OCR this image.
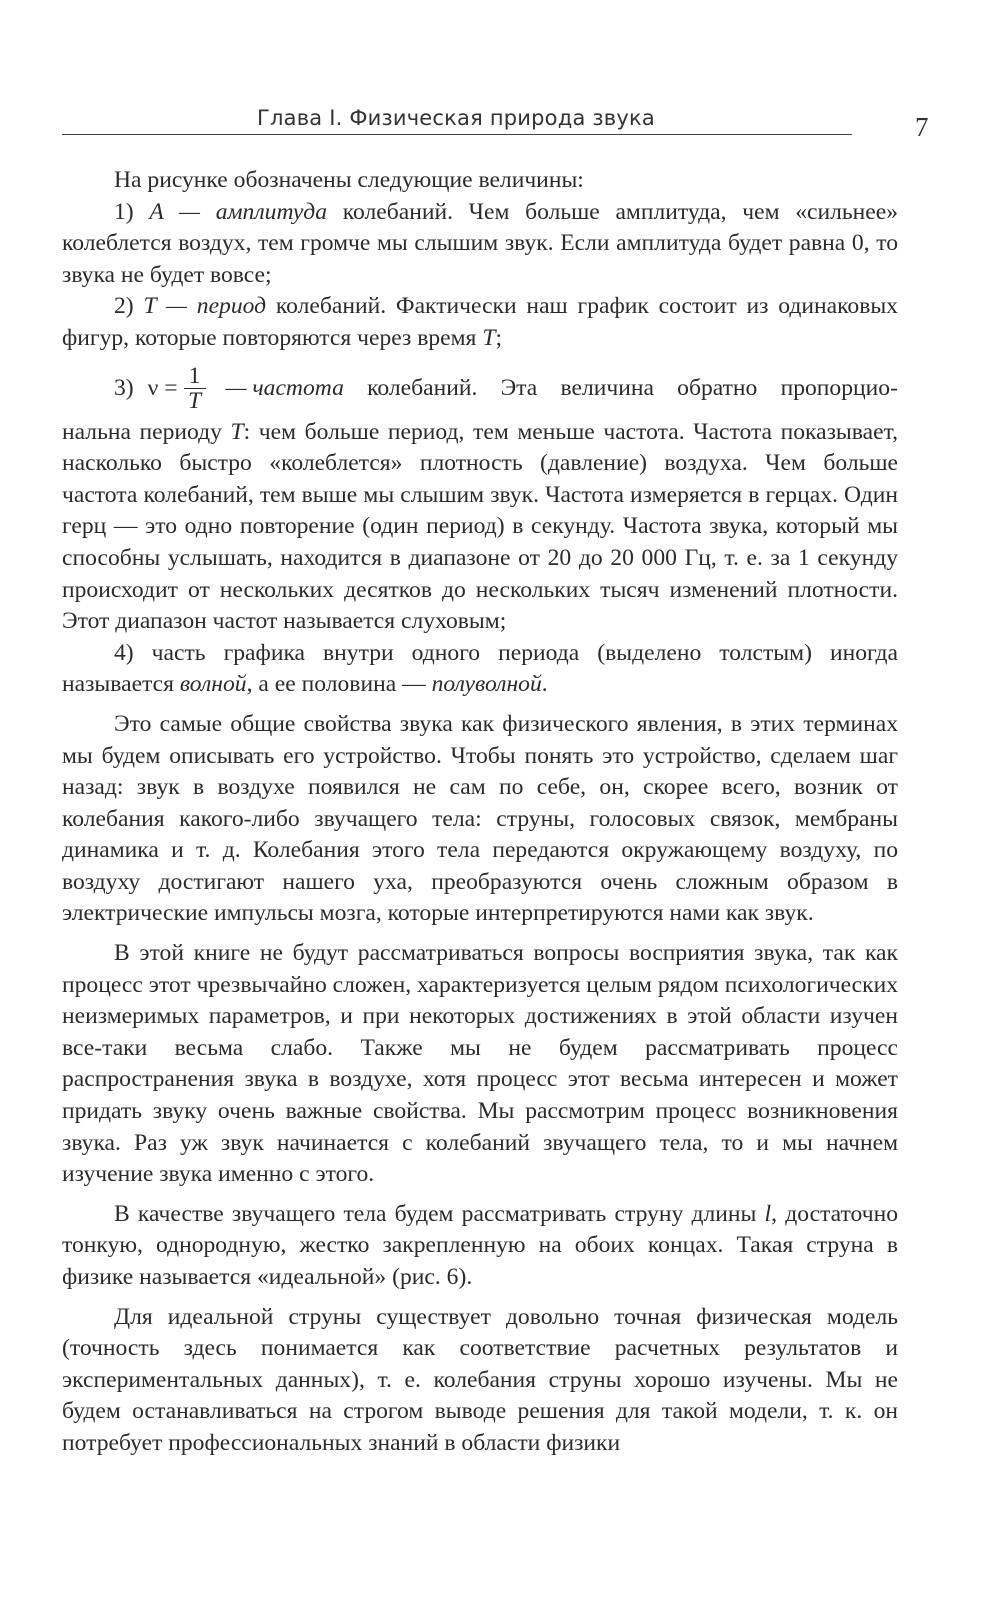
Глава I. Физическая природа звука	7

На рисунке обозначены следующие величины:

1) A — амплитуда колебаний. Чем больше амплитуда, чем «сильнее» колеблется воздух, тем громче мы слышим звук. Если амплитуда будет равна 0, то звука не будет вовсе;

2) T — период колебаний. Фактически наш график состоит из одинаковых фигур, которые повторяются через время T;

3) $\nu = \frac{1}{T}$ — частота колебаний. Эта величина обратно пропорцио-

нальна периоду T: чем больше период, тем меньше частота. Частота показывает, насколько быстро «колеблется» плотность (давление) воздуха. Чем больше частота колебаний, тем выше мы слышим звук. Частота измеряется в герцах. Один герц — это одно повторение (один период) в секунду. Частота звука, который мы способны услышать, находится в диапазоне от 20 до 20 000 Гц, т. е. за 1 секунду происходит от нескольких десятков до нескольких тысяч изменений плотности. Этот диапазон частот называется слуховым;

4) часть графика внутри одного периода (выделено толстым) иногда называется волной, а ее половина — полуволной.

Это самые общие свойства звука как физического явления, в этих терминах мы будем описывать его устройство. Чтобы понять это устройство, сделаем шаг назад: звук в воздухе появился не сам по себе, он, скорее всего, возник от колебания какого-либо звучащего тела: струны, голосовых связок, мембраны динамика и т. д. Колебания этого тела передаются окружающему воздуху, по воздуху достигают нашего уха, преобразуются очень сложным образом в электрические импульсы мозга, которые интерпретируются нами как звук.

В этой книге не будут рассматриваться вопросы восприятия звука, так как процесс этот чрезвычайно сложен, характеризуется целым рядом психологических неизмеримых параметров, и при некоторых достижениях в этой области изучен все-таки весьма слабо. Также мы не будем рассматривать процесс распространения звука в воздухе, хотя процесс этот весьма интересен и может придать звуку очень важные свойства. Мы рассмотрим процесс возникновения звука. Раз уж звук начинается с колебаний звучащего тела, то и мы начнем изучение звука именно с этого.

В качестве звучащего тела будем рассматривать струну длины l, достаточно тонкую, однородную, жестко закрепленную на обоих концах. Такая струна в физике называется «идеальной» (рис. 6).

Для идеальной струны существует довольно точная физическая модель (точность здесь понимается как соответствие расчетных результатов и экспериментальных данных), т. е. колебания струны хорошо изучены. Мы не будем останавливаться на строгом выводе решения для такой модели, т. к. он потребует профессиональных знаний в области физики
